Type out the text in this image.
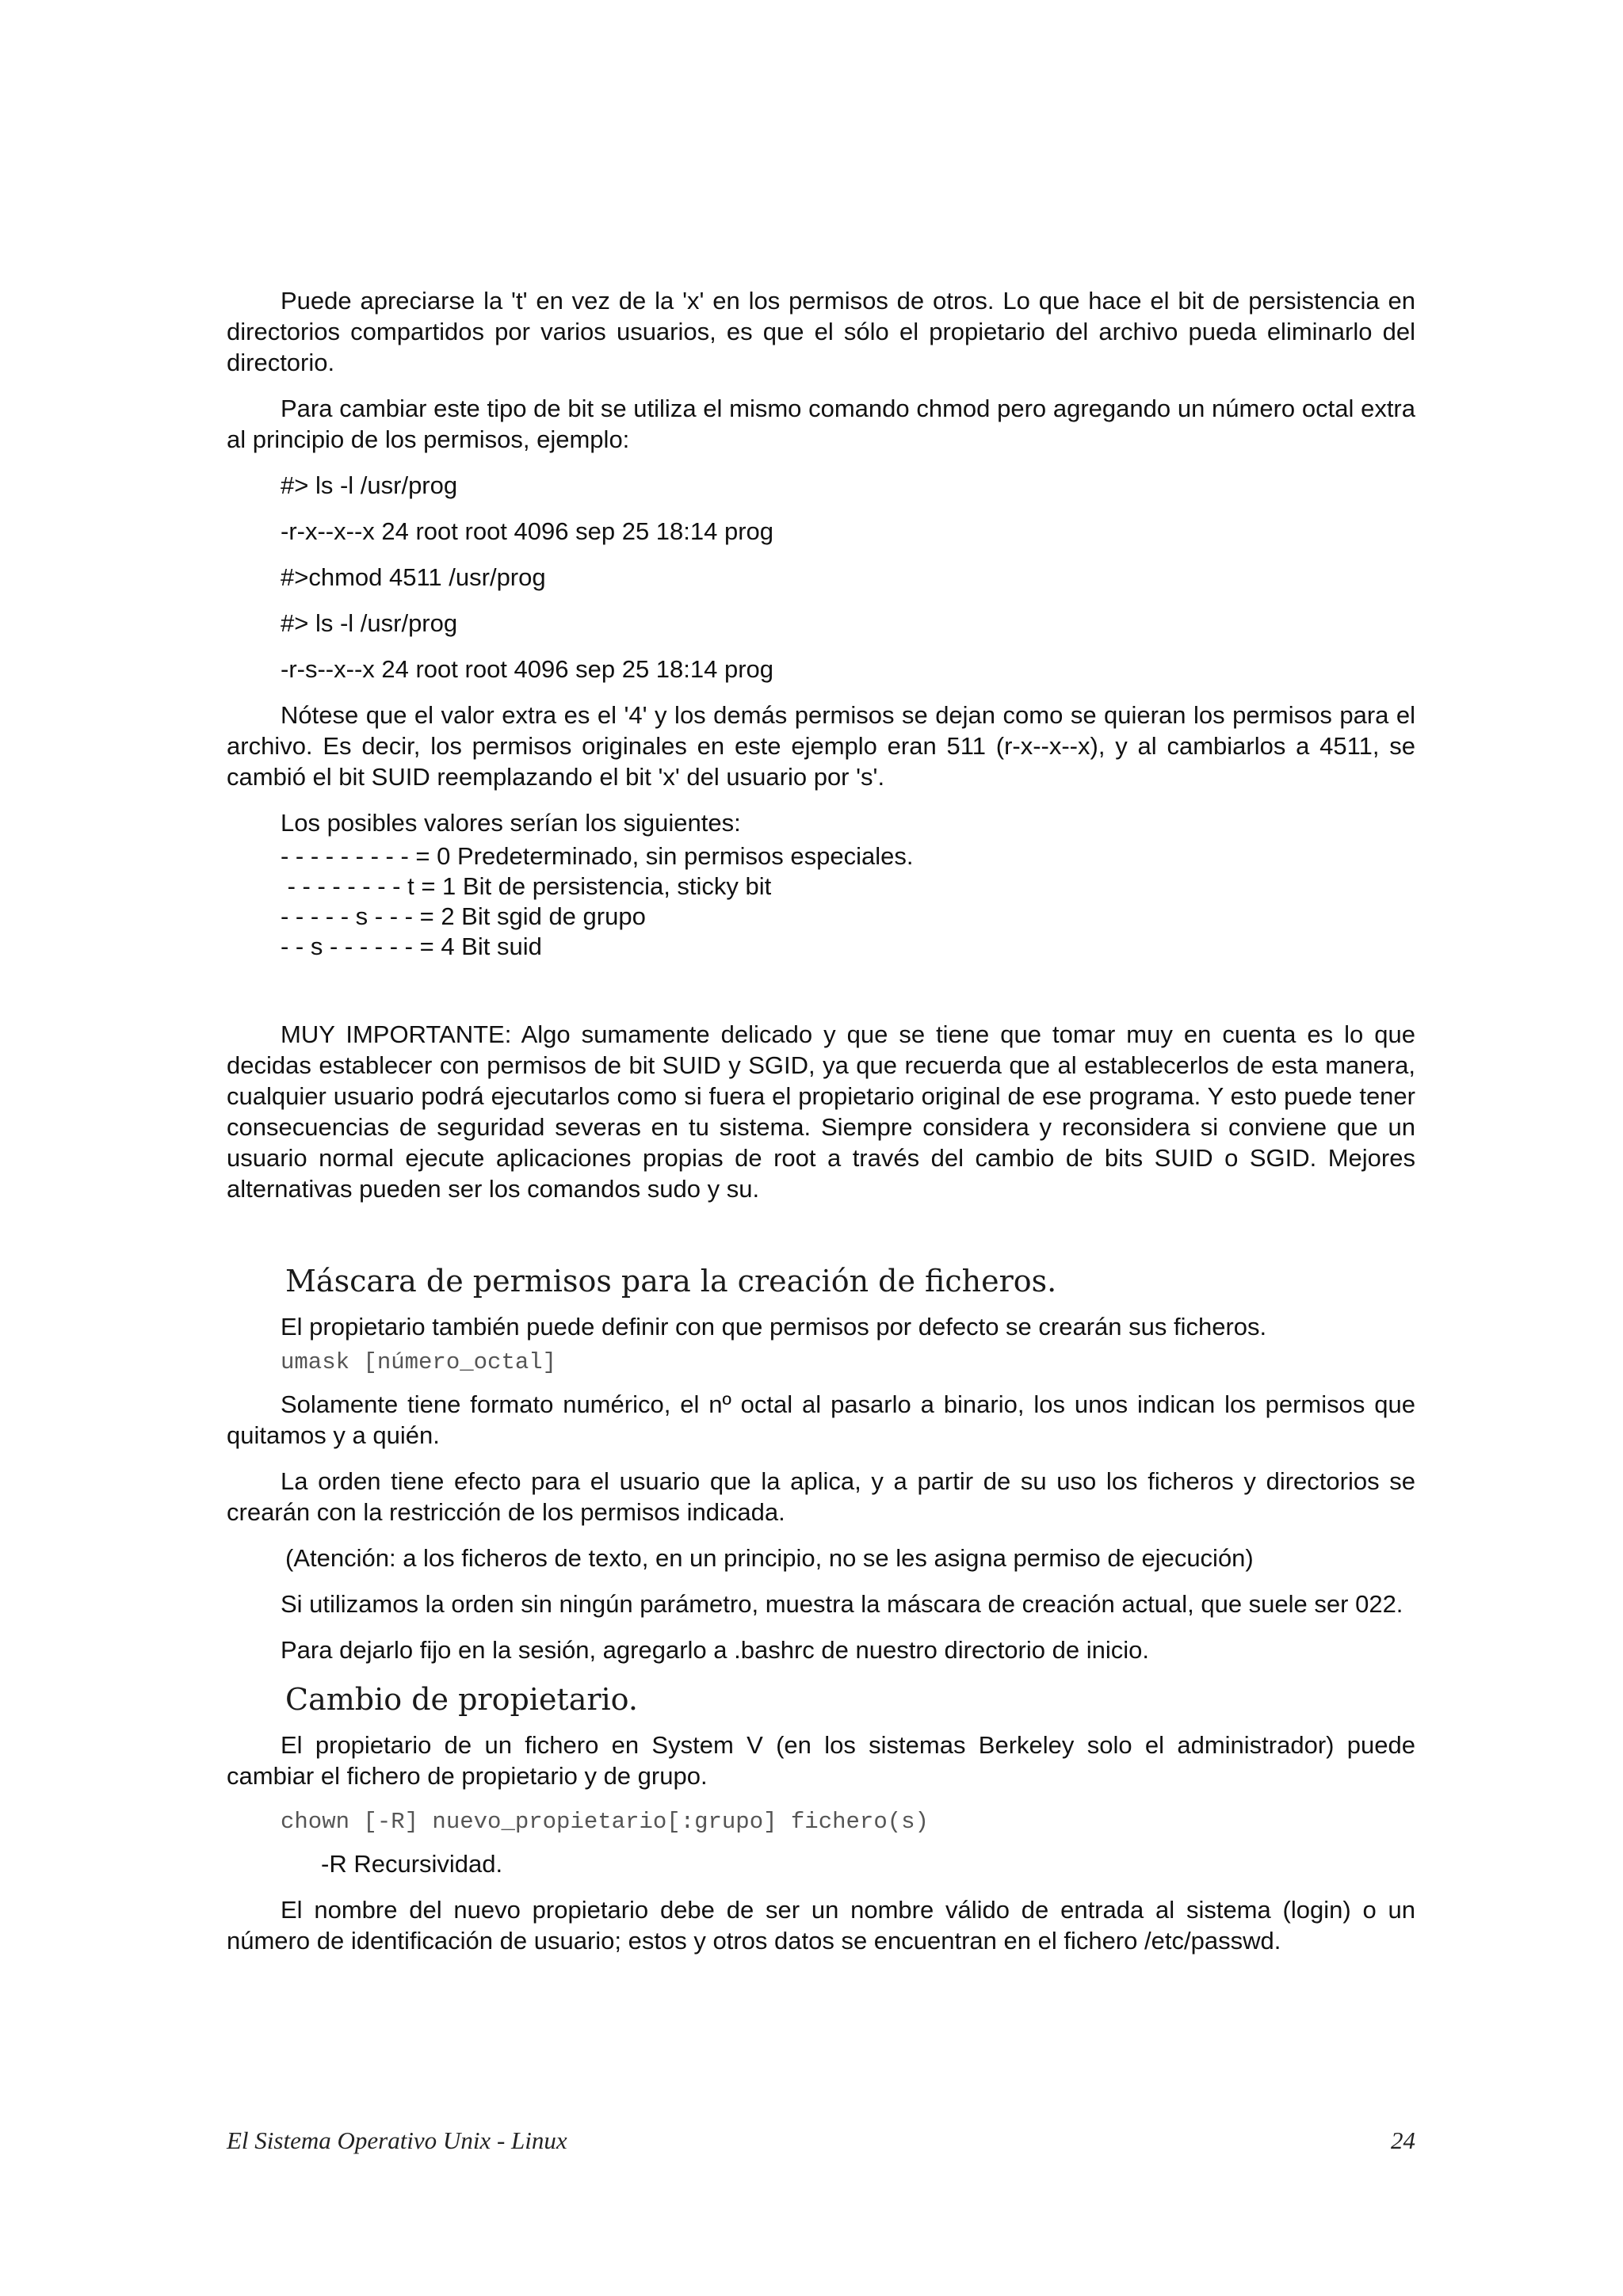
Puede apreciarse la 't' en vez de la 'x' en los permisos de otros. Lo que hace el bit de persistencia en directorios compartidos por varios usuarios, es que el sólo el propietario del archivo pueda eliminarlo del directorio.

Para cambiar este tipo de bit se utiliza el mismo comando chmod pero agregando un número octal extra al principio de los permisos, ejemplo:

#> ls -l /usr/prog
-r-x--x--x 24 root root 4096 sep 25 18:14 prog
#>chmod 4511 /usr/prog
#> ls -l /usr/prog
-r-s--x--x 24 root root 4096 sep 25 18:14 prog

Nótese que el valor extra es el '4' y los demás permisos se dejan como se quieran los permisos para el archivo. Es decir, los permisos originales en este ejemplo eran 511 (r-x--x--x), y al cambiarlos a 4511, se cambió el bit SUID reemplazando el bit 'x' del usuario por 's'.

Los posibles valores serían los siguientes:
- - - - - - - - - = 0 Predeterminado, sin permisos especiales.
- - - - - - - - t = 1 Bit de persistencia, sticky bit
- - - - - s - - - = 2 Bit sgid de grupo
- - s - - - - - - = 4 Bit suid

MUY IMPORTANTE: Algo sumamente delicado y que se tiene que tomar muy en cuenta es lo que decidas establecer con permisos de bit SUID y SGID, ya que recuerda que al establecerlos de esta manera, cualquier usuario podrá ejecutarlos como si fuera el propietario original de ese programa. Y esto puede tener consecuencias de seguridad severas en tu sistema. Siempre considera y reconsidera si conviene que un usuario normal ejecute aplicaciones propias de root a través del cambio de bits SUID o SGID. Mejores alternativas pueden ser los comandos sudo y su.

Máscara de permisos para la creación de ficheros.
El propietario también puede definir con que permisos por defecto se crearán sus ficheros.
umask [número_octal]

Solamente tiene formato numérico, el nº octal al pasarlo a binario, los unos indican los permisos que quitamos y a quién.

La orden tiene efecto para el usuario que la aplica, y a partir de su uso los ficheros y directorios se crearán con la restricción de los permisos indicada.

(Atención: a los ficheros de texto, en un principio, no se les asigna permiso de ejecución)

Si utilizamos la orden sin ningún parámetro, muestra la máscara de creación actual, que suele ser 022.

Para dejarlo fijo en la sesión, agregarlo a .bashrc de nuestro directorio de inicio.
Cambio de propietario.

El propietario de un fichero en System V (en los sistemas Berkeley solo el administrador) puede cambiar el fichero de propietario y de grupo.

chown [-R] nuevo_propietario[:grupo] fichero(s)
-R Recursividad.

El nombre del nuevo propietario debe de ser un nombre válido de entrada al sistema (login) o un número de identificación de usuario; estos y otros datos se encuentran en el fichero /etc/passwd.

El Sistema Operativo Unix - Linux	24
